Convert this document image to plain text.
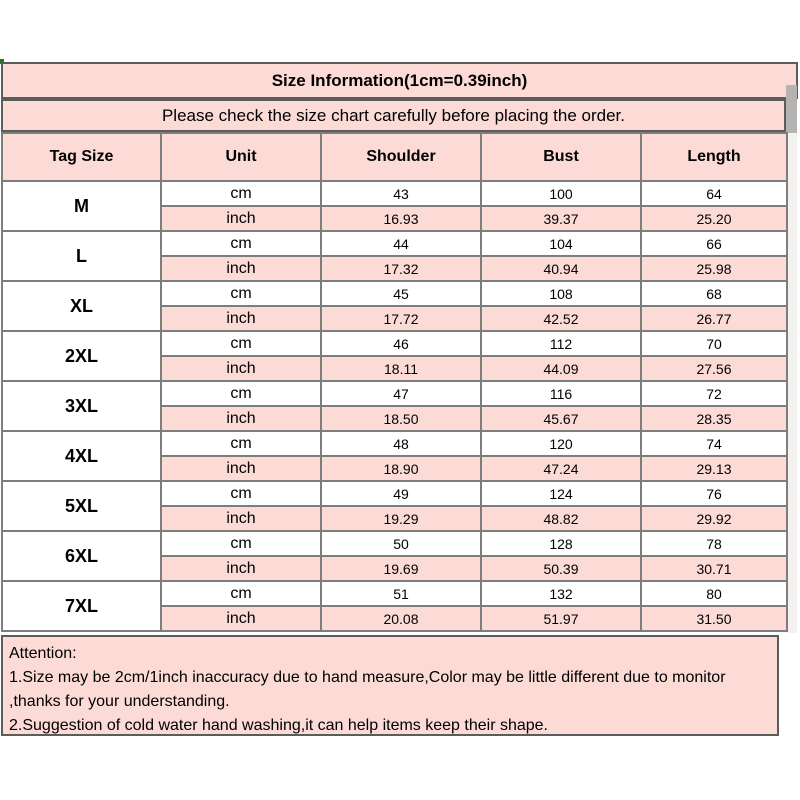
Size Information(1cm=0.39inch)
Please check the size chart carefully before placing the order.
Tag Size	Unit	Shoulder	Bust	Length
M	cm	43	100	64
	inch	16.93	39.37	25.20
L	cm	44	104	66
	inch	17.32	40.94	25.98
XL	cm	45	108	68
	inch	17.72	42.52	26.77
2XL	cm	46	112	70
	inch	18.11	44.09	27.56
3XL	cm	47	116	72
	inch	18.50	45.67	28.35
4XL	cm	48	120	74
	inch	18.90	47.24	29.13
5XL	cm	49	124	76
	inch	19.29	48.82	29.92
6XL	cm	50	128	78
	inch	19.69	50.39	30.71
7XL	cm	51	132	80
	inch	20.08	51.97	31.50
Attention:
1.Size may be 2cm/1inch inaccuracy due to hand measure,Color may be little different due to monitor
,thanks for your understanding.
2.Suggestion of cold water hand washing,it can help items keep their shape.
